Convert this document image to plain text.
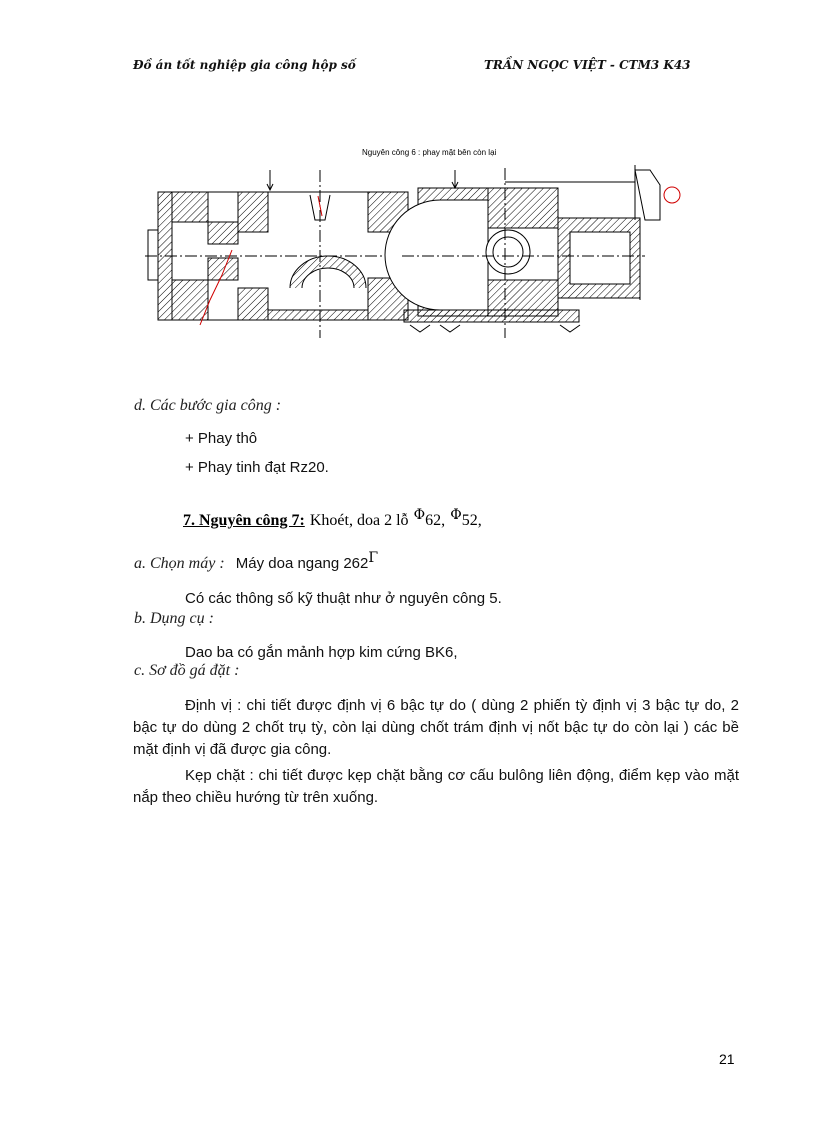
Đồ án tốt nghiệp gia công hộp số	TRẦN NGỌC VIỆT - CTM3 K43
Nguyên công 6 : phay mặt bên còn lại
d. Các bước gia công :
+ Phay thô
+ Phay tinh đạt Rz20.
7. Nguyên công 7: Khoét, doa 2 lỗ Φ62, Φ52,
a. Chọn máy : Máy doa ngang 262Γ
Có các thông số kỹ thuật như ở nguyên công 5.
b. Dụng cụ :
Dao ba có gắn mảnh hợp kim cứng BK6,
c. Sơ đồ gá đặt :
Định vị : chi tiết được định vị 6 bậc tự do ( dùng 2 phiến tỳ định vị 3 bậc tự do, 2 bậc tự do dùng 2 chốt trụ tỳ, còn lại dùng chốt trám định vị nốt bậc tự do còn lại ) các bề mặt định vị đã được gia công.
Kẹp chặt : chi tiết được kẹp chặt bằng cơ cấu bulông liên động, điểm kẹp vào mặt nắp theo chiều hướng từ trên xuống.
21
